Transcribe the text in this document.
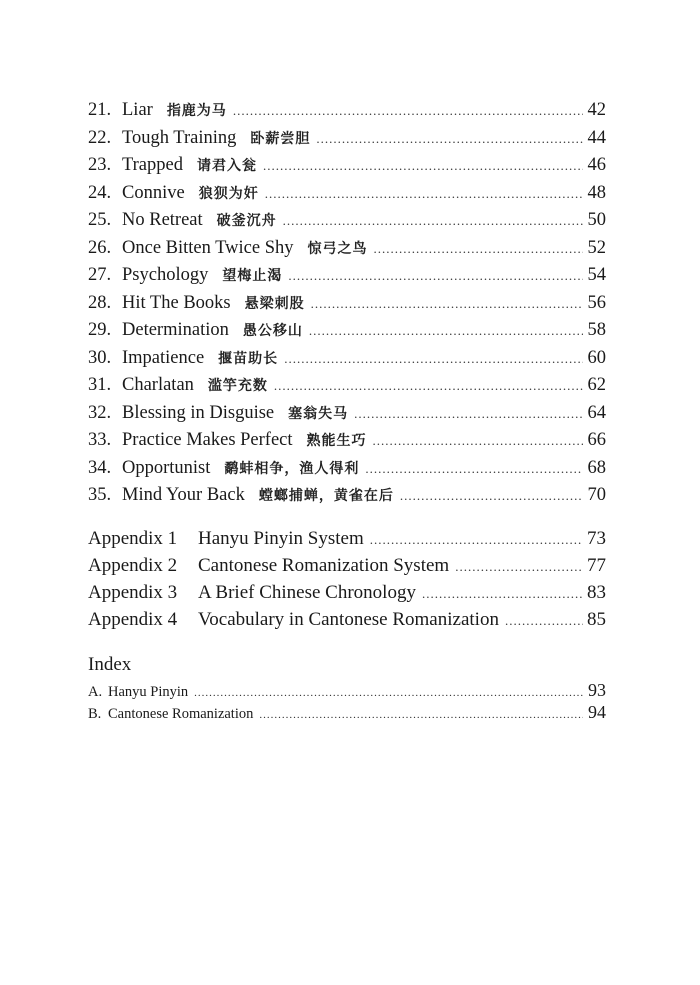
21. Liar 指鹿为马 .....	42
22. Tough Training 卧薪尝胆 .....	44
23. Trapped 请君入瓮 .....	46
24. Connive 狼狈为奸 .....	48
25. No Retreat 破釜沉舟 .....	50
26. Once Bitten Twice Shy 惊弓之鸟 .....	52
27. Psychology 望梅止渴 .....	54
28. Hit The Books 悬梁刺股 .....	56
29. Determination 愚公移山 .....	58
30. Impatience 揠苗助长 .....	60
31. Charlatan 滥竽充数 .....	62
32. Blessing in Disguise 塞翁失马 .....	64
33. Practice Makes Perfect 熟能生巧 .....	66
34. Opportunist 鹬蚌相争，渔人得利 .....	68
35. Mind Your Back 螳螂捕蝉，黄雀在后 .....	70
Appendix 1	Hanyu Pinyin System .....	73
Appendix 2	Cantonese Romanization System .....	77
Appendix 3	A Brief Chinese Chronology .....	83
Appendix 4	Vocabulary in Cantonese Romanization .....	85
Index
A. Hanyu Pinyin .....	93
B. Cantonese Romanization .....	94
